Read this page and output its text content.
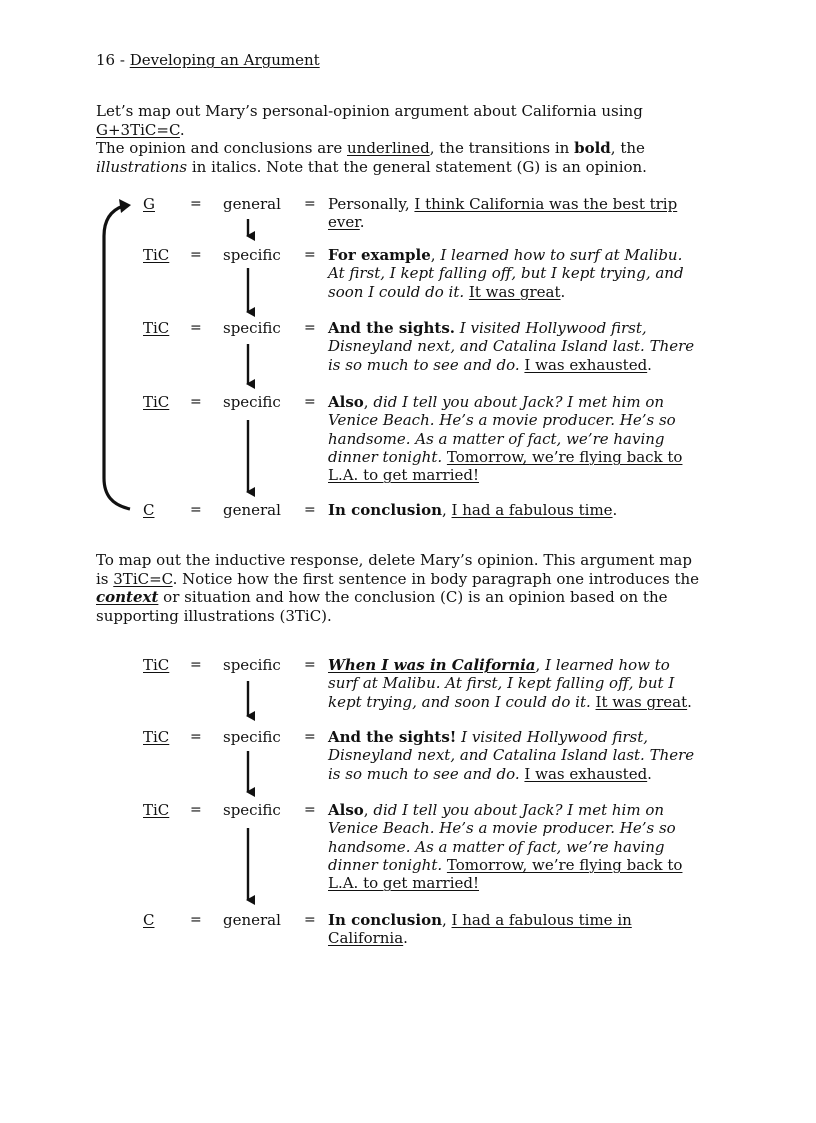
16 - Developing an Argument

Let’s map out Mary’s personal-opinion argument about California using G+3TiC=C.
The opinion and conclusions are underlined, the transitions in bold, the
illustrations in italics. Note that the general statement (G) is an opinion.

G	= general = Personally, I think California was the best trip ever.
TiC = specific = For example, I learned how to surf at Malibu. At first, I kept falling off, but I kept trying, and soon I could do it. It was great.
TiC = specific = And the sights. I visited Hollywood first, Disneyland next, and Catalina Island last. There is so much to see and do. I was exhausted.
TiC = specific = Also, did I tell you about Jack? I met him on Venice Beach. He’s a movie producer. He’s so handsome. As a matter of fact, we’re having dinner tonight. Tomorrow, we’re flying back to L.A. to get married!
C	= general = In conclusion, I had a fabulous time.

To map out the inductive response, delete Mary’s opinion. This argument map is 3TiC=C. Notice how the first sentence in body paragraph one introduces the context or situation and how the conclusion (C) is an opinion based on the supporting illustrations (3TiC).

TiC = specific = When I was in California, I learned how to surf at Malibu. At first, I kept falling off, but I kept trying, and soon I could do it. It was great.
TiC = specific = And the sights! I visited Hollywood first, Disneyland next, and Catalina Island last. There is so much to see and do. I was exhausted.
TiC = specific = Also, did I tell you about Jack? I met him on Venice Beach. He’s a movie producer. He’s so handsome. As a matter of fact, we’re having dinner tonight. Tomorrow, we’re flying back to L.A. to get married!
C	= general = In conclusion, I had a fabulous time in California.
